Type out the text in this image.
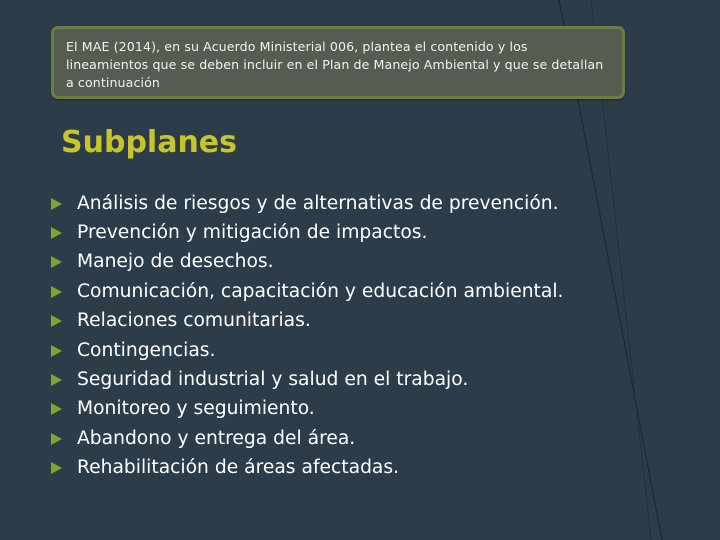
El MAE (2014), en su Acuerdo Ministerial 006, plantea el contenido y los lineamientos que se deben incluir en el Plan de Manejo Ambiental y que se detallan a continuación
Subplanes
Análisis de riesgos y de alternativas de prevención.
Prevención y mitigación de impactos.
Manejo de desechos.
Comunicación, capacitación y educación ambiental.
Relaciones comunitarias.
Contingencias.
Seguridad industrial y salud en el trabajo.
Monitoreo y seguimiento.
Abandono y entrega del área.
Rehabilitación de áreas afectadas.
